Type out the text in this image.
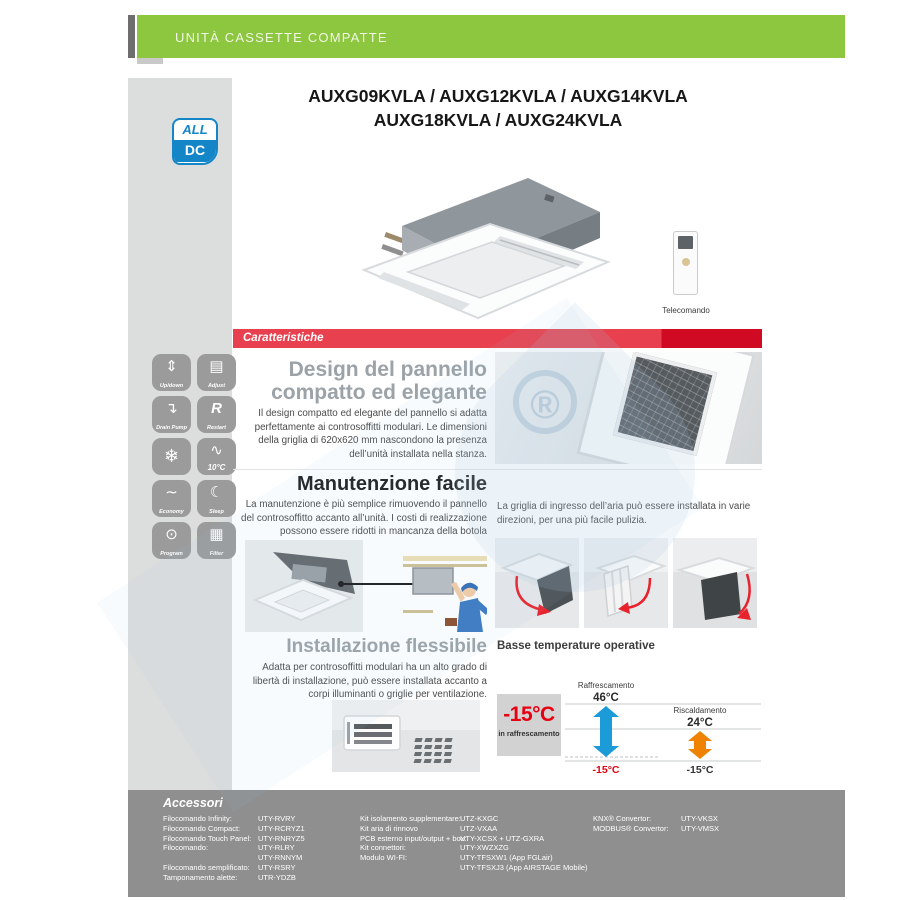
UNITÀ CASSETTE COMPATTE
ALL
DC
AUXG09KVLA / AUXG12KVLA / AUXG14KVLA
AUXG18KVLA / AUXG24KVLA
Telecomando
Caratteristiche
⇕
Up/down
▤
Adjust
↴
Drain Pump
R
Restart
❄	∿
10°C
∼
Economy
☾
Sleep
⊙
Program
▦
Filter
Design del pannello
compatto ed elegante
Il design compatto ed elegante del pannello si adatta perfettamente ai controsoffitti modulari. Le dimensioni della griglia di 620x620 mm nascondono la presenza dell’unità installata nella stanza.
®
Manutenzione facile
La manutenzione è più semplice rimuovendo il pannello del controsoffitto accanto all’unità. I costi di realizzazione possono essere ridotti in mancanza della botola d’ispezione.
La griglia di ingresso dell’aria può essere installata in varie direzioni, per una più facile pulizia.
Installazione flessibile
Adatta per controsoffitti modulari ha un alto grado di libertà di installazione, può essere installata accanto a corpi illuminanti o griglie per ventilazione.
Basse temperature operative
-15°C
in raffrescamento
Raffrescamento
46°C
Riscaldamento
24°C
-15°C	-15°C
Accessori
Filocomando Infinity:	UTY-RVRY
Filocomando Compact:	UTY-RCRYZ1
Filocomando Touch Panel: UTY-RNRYZ5
Filocomando:	UTY-RLRY
UTY-RNNYM
Filocomando semplificato:	UTY-RSRY
Tamponamento alette:	UTR-YDZB
Kit isolamento supplementare: UTZ-KXGC
Kit aria di rinnovo	UTZ-VXAA
PCB esterno input/output + box:
UTY-XCSX + UTZ-GXRA
Kit connettori:	UTY-XWZXZG
Modulo WI-FI:	UTY-TFSXW1 (App FGLair)
UTY-TFSXJ3 (App AIRSTAGE Mobile)
KNX® Convertor:	UTY-VKSX
MODBUS® Convertor:	UTY-VMSX
